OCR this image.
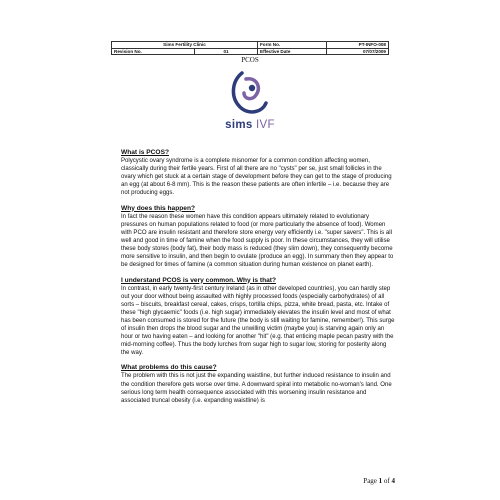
Sims Fertility Clinic		Form No.	PT-INFO-008
Revision No.	01	Effective Date	07/07/2009
PCOS
sims IVF
What is PCOS?

Polycystic ovary syndrome is a complete misnomer for a common condition affecting women, classically during their fertile years. First of all there are no "cysts" per se, just small follicles in the ovary which get stuck at a certain stage of development before they can get to the stage of producing an egg (at about 6-8 mm). This is the reason these patients are often infertile – i.e. because they are not producing eggs.

Why does this happen?

In fact the reason these women have this condition appears ultimately related to evolutionary pressures on human populations related to food (or more particularly the absence of food). Women with PCO are insulin resistant and therefore store energy very efficiently i.e. "super savers". This is all well and good in time of famine when the food supply is poor. In these circumstances, they will utilise these body stores (body fat), their body mass is reduced (they slim down), they consequently become more sensitive to insulin, and then begin to ovulate (produce an egg). In summary then they appear to be designed for times of famine (a common situation during human existence on planet earth).

I understand PCOS is very common. Why is that?

In contrast, in early twenty-first century Ireland (as in other developed countries), you can hardly step out your door without being assaulted with highly processed foods (especially carbohydrates) of all sorts – biscuits, breakfast cereal, cakes, crisps, tortilla chips, pizza, white bread, pasta, etc. Intake of these "high glycaemic" foods (i.e. high sugar) immediately elevates the insulin level and most of what has been consumed is stored for the future (the body is still waiting for famine, remember!). This surge of insulin then drops the blood sugar and the unwilling victim (maybe you) is starving again only an hour or two having eaten – and looking for another "hit" (e.g. that enticing maple pecan pastry with the mid-morning coffee). Thus the body lurches from sugar high to sugar low, storing for posterity along the way.

What problems do this cause?

The problem with this is not just the expanding waistline, but further induced resistance to insulin and the condition therefore gets worse over time. A downward spiral into metabolic no-woman's land. One serious long term health consequence associated with this worsening insulin resistance and associated truncal obesity (i.e. expanding waistline) is

Page 1 of 4
